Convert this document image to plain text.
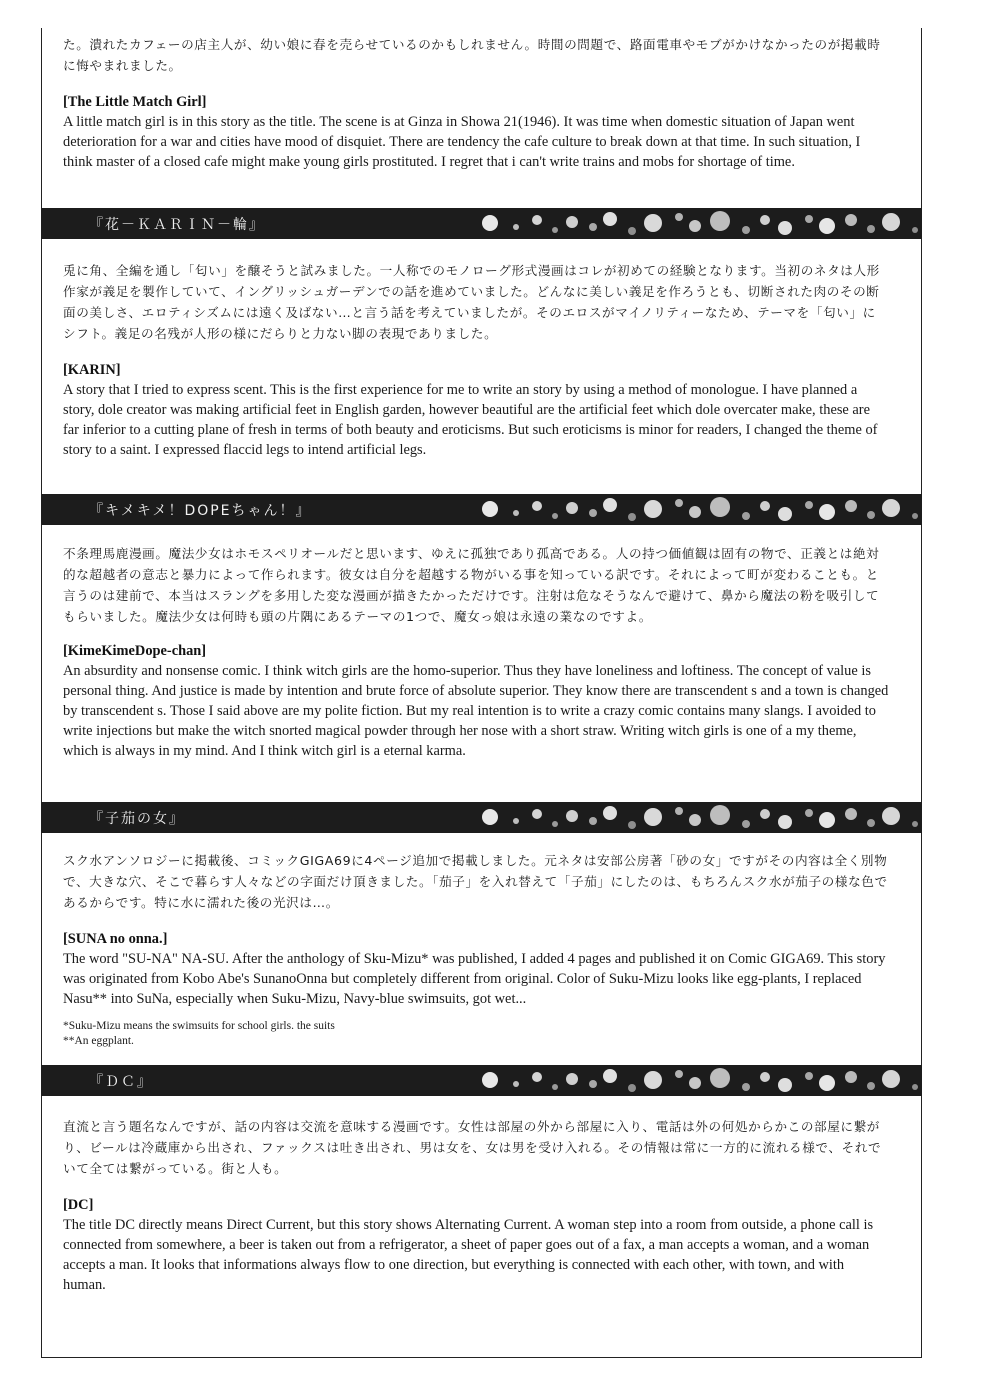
た。潰れたカフェーの店主人が、幼い娘に春を売らせているのかもしれません。時間の問題で、路面電車やモブがかけなかったのが掲載時に悔やまれました。

[The Little Match Girl]

A little match girl is in this story as the title. The scene is at Ginza in Showa 21(1946). It was time when domestic situation of Japan went deterioration for a war and cities have mood of disquiet. There are tendency the cafe culture to break down at that time. In such situation, I think master of a closed cafe might make young girls prostituted. I regret that i can't write trains and mobs for shortage of time.

『花－ＫＡＲＩＮ－輪』

兎に角、全編を通し「匂い」を醸そうと試みました。一人称でのモノローグ形式漫画はコレが初めての経験となります。当初のネタは人形作家が義足を製作していて、イングリッシュガーデンでの話を進めていました。どんなに美しい義足を作ろうとも、切断された肉のその断面の美しさ、エロティシズムには遠く及ばない…と言う話を考えていましたが。そのエロスがマイノリティーなため、テーマを「匂い」にシフト。義足の名残が人形の様にだらりと力ない脚の表現でありました。

[KARIN]

A story that I tried to express scent. This is the first experience for me to write an story by using a method of monologue. I have planned a story, dole creator was making artificial feet in English garden, however beautiful are the artificial feet which dole overcater make, these are far inferior to a cutting plane of fresh in terms of both beauty and eroticisms. But such eroticisms is minor for readers, I changed the theme of story to a saint. I expressed flaccid legs to intend artificial legs.

『キメキメ！DOPEちゃん！』

不条理馬鹿漫画。魔法少女はホモスペリオールだと思います、ゆえに孤独であり孤高である。人の持つ価値観は固有の物で、正義とは絶対的な超越者の意志と暴力によって作られます。彼女は自分を超越する物がいる事を知っている訳です。それによって町が変わることも。と言うのは建前で、本当はスラングを多用した変な漫画が描きたかっただけです。注射は危なそうなんで避けて、鼻から魔法の粉を吸引してもらいました。魔法少女は何時も頭の片隅にあるテーマの1つで、魔女っ娘は永遠の業なのですよ。

[KimeKimeDope-chan]

An absurdity and nonsense comic. I think witch girls are the homo-superior. Thus they have loneliness and loftiness. The concept of value is personal thing. And justice is made by intention and brute force of absolute superior. They know there are transcendent s and a town is changed by transcendent s. Those I said above are my polite fiction. But my real intention is to write a crazy comic contains many slangs. I avoided to write injections but make the witch snorted magical powder through her nose with a short straw. Writing witch girls is one of a my theme, which is always in my mind. And I think witch girl is a eternal karma.

『子茄の女』

スク水アンソロジーに掲載後、コミックGIGA69に4ページ追加で掲載しました。元ネタは安部公房著「砂の女」ですがその内容は全く別物で、大きな穴、そこで暮らす人々などの字面だけ頂きました。「茄子」を入れ替えて「子茄」にしたのは、もちろんスク水が茄子の様な色であるからです。特に水に濡れた後の光沢は…。

[SUNA no onna.]

The word "SU-NA" NA-SU. After the anthology of Sku-Mizu* was published, I added 4 pages and published it on Comic GIGA69. This story was originated from Kobo Abe's SunanoOnna but completely different from original. Color of Suku-Mizu looks like egg-plants, I replaced Nasu** into SuNa, especially when Suku-Mizu, Navy-blue swimsuits, got wet...

*Suku-Mizu means the swimsuits for school girls. the suits

**An eggplant.

『ＤＣ』

直流と言う題名なんですが、話の内容は交流を意味する漫画です。女性は部屋の外から部屋に入り、電話は外の何処からかこの部屋に繋がり、ビールは冷蔵庫から出され、ファックスは吐き出され、男は女を、女は男を受け入れる。その情報は常に一方的に流れる様で、それでいて全ては繋がっている。街と人も。

[DC]

The title DC directly means Direct Current, but this story shows Alternating Current. A woman step into a room from outside, a phone call is connected from somewhere, a beer is taken out from a refrigerator, a sheet of paper goes out of a fax, a man accepts a woman, and a woman accepts a man. It looks that informations always flow to one direction, but everything is connected with each other, with town, and with human.
